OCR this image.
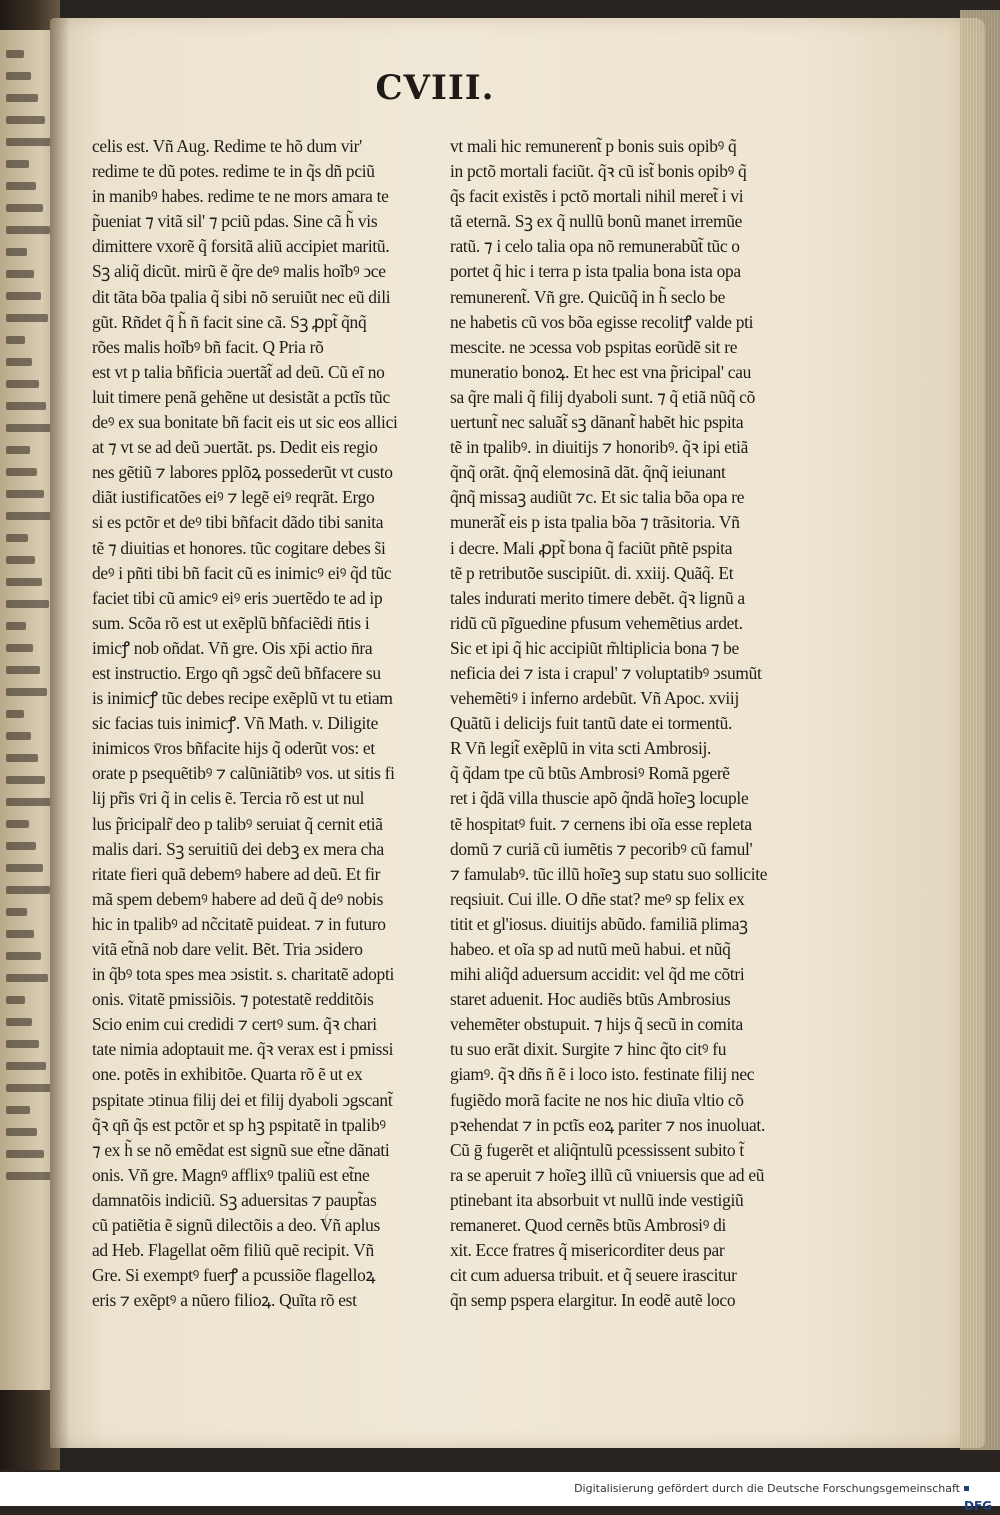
CVIII.
celis est. Vñ Aug. Redime te hõ dum vir'ᷤ
redime te dũ potes. redime te in q̃s dñ pciũ
in manibꝰ habes. redime te ne mors amara te
p̃ueniat ⁊ vitã sil' ⁊ pciũ pdas. Sine cã h̃ vis
dimittere vxorẽ q̃ forsitã aliũ accipiet maritũ.
Sꝫ aliq̃ dicũt. mirũ ẽ q̃re deꝰ malis hoĩbꝰ ↄce
dit tãta bõa tpalia q̃ sibi nõ seruiũt nec eũ dili
gũt. Rñdet q̃ h̃ ñ facit sine cã. Sꝫ ꝓpt̃ q̃nq̃
rões malis hoĩbꝰ bñ facit. Q Pria rõ
est vt p talia bñficia ↄuertãt̃ ad deũ. Cũ eĩ no
luit timere penã gehẽne ut desistãt a pctĩs tũc
deꝰ ex sua bonitate bñ facit eis ut sic eos allici
at ⁊ vt se ad deũ ↄuertãt. ps. Dedit eis regio
nes gẽtiũ ⁊ labores pplõꝝ possederũt vt custo
diãt iustificatões eiꝰ ⁊ legẽ eiꝰ reqrãt. Ergo
si es pctõr et deꝰ tibi bñfacit dãdo tibi sanita
tẽ ⁊ diuitias et honores. tũc cogitare debes s̃i
deꝰ i pñti tibi bñ facit cũ es inimicꝰ eiꝰ q̃d tũc
faciet tibi cũ amicꝰ eiꝰ eris ↄuertẽdo te ad ip
sum. Scõa rõ est ut exẽplũ bñfaciẽdi n̄tis i
imicꝭ nob oñdat. Vñ gre. Ois xp̄i actio n̄ra
est instructio. Ergo qñ ↄgsc̃ deũ bñfacere su
is inimicꝭ tũc debes recipe exẽplũ vt tu etiam
sic facias tuis inimicꝭ. Vñ Math. v. Diligite
inimicos v̄ros bñfacite hijs q̃ oderũt vos: et
orate p psequẽtibꝰ ⁊ calũniãtibꝰ vos. ut sitis fi
lij pr̃is v̄ri q̃ in celis ẽ. Tercia rõ est ut nul
lus p̃ricipalr̃ deo p talibꝰ seruiat q̃ cernit etiã
malis dari. Sꝫ seruitiũ dei debꝫ ex mera cha
ritate fieri quã debemꝰ habere ad deũ. Et fir
mã spem debemꝰ habere ad deũ q̃ deꝰ nobis
hic in tpalibꝰ ad nc̃citatẽ puideat. ⁊ in futuro
vitã et̃nã nob dare velit. Bẽt. Tria ↄsidero
in q̃bꝰ tota spes mea ↄsistit. s. charitatẽ adopti
onis. v̄itatẽ pmissiõis. ⁊ potestatẽ redditõis
Scio enim cui credidi ⁊ certꝰ sum. q̃ꝛ chari
tate nimia adoptauit me. q̃ꝛ verax est i pmissi
one. potẽs in exhibitõe. Quarta rõ ẽ ut ex
pspitate ↄtinua filij dei et filij dyaboli ↄgscant̃
q̃ꝛ qñ q̃s est pctõr et sp hꝫ pspitatẽ in tpalibꝰ
⁊ ex h̃ se nõ emẽdat est signũ sue et̃ne dãnati
onis. Vñ gre. Magnꝰ afflixꝰ tpaliũ est et̃ne
damnatõis indiciũ. Sꝫ aduersitas ⁊ paupt̃as
cũ patiẽtia ẽ signũ dilectõis a deo. Vñ aplus
ad Heb. Flagellat oẽm filiũ quẽ recipit. Vñ
Gre. Si exemptꝰ fuerꝭ a pcussiõe flagelloꝝ
eris ⁊ exẽptꝰ a nũero filioꝝ. Quĩta rõ est
vt mali hic remunerent̃ p bonis suis opibꝰ q̃
in pctõ mortali faciũt. q̃ꝛ cũ ist̃ bonis opibꝰ q̃
q̃s facit existẽs i pctõ mortali nihil meret̃ i vi
tã eternã. Sꝫ ex q̃ nullũ bonũ manet irremũe
ratũ. ⁊ i celo talia opa nõ remunerabũt̃ tũc o
portet q̃ hic i terra p ista tpalia bona ista opa
remunerent̃. Vñ gre. Quicũq̃ in h̃ seclo be
ne habetis cũ vos bõa egisse recolitꝭ valde pti
mescite. ne ↄcessa vob pspitas eorũdẽ sit re
muneratio bonoꝝ. Et hec est vna p̃ricipal' cau
sa q̃re mali q̃ filij dyaboli sunt. ⁊ q̃ etiã nũq̃ cõ
uertunt̃ nec saluãt̃ sꝫ dãnant̃ habẽt hic pspita
tẽ in tpalibꝰ. in diuitijs ⁊ honoribꝰ. q̃ꝛ ipi etiã
q̃nq̃ orãt. q̃nq̃ elemosinã dãt. q̃nq̃ ieiunant
q̃nq̃ missaꝫ audiũt ⁊c. Et sic talia bõa opa re
munerãt̃ eis p ista tpalia bõa ⁊ trãsitoria. Vñ
i decre. Mali ꝓpt̃ bona q̃ faciũt pñtẽ pspita
tẽ p retributõe suscipiũt. di. xxiij. Quãq̃. Et
tales indurati merito timere debẽt. q̃ꝛ lignũ a
ridũ cũ pĩguedine pfusum vehemẽtius ardet.
Sic et ipi q̃ hic accipiũt m̃ltiplicia bona ⁊ be
neficia dei ⁊ ista i crapul' ⁊ voluptatibꝰ ↄsumũt
vehemẽtiꝰ i inferno ardebũt. Vñ Apoc. xviij
Quãtũ i delicijs fuit tantũ date ei tormentũ.
R Vñ legit̃ exẽplũ in vita scti Ambrosij.
q̃ q̃dam tpe cũ btũs Ambrosiꝰ Romã pgerẽ
ret i q̃dã villa thuscie apõ q̃ndã hoĩeꝫ locuple
tẽ hospitatꝰ fuit. ⁊ cernens ibi oĩa esse repleta
domũ ⁊ curiã cũ iumẽtis ⁊ pecoribꝰ cũ famul'
⁊ famulabꝰ. tũc illũ hoĩeꝫ sup statu suo sollicite
reqsiuit. Cui ille. O dñe stat? meꝰ sp felix ex
titit et gl'iosus. diuitijs abũdo. familiã plimaꝫ
habeo. et oĩa sp ad nutũ meũ habui. et nũq̃
mihi aliq̃d aduersum accidit: vel q̃d me cõtri
staret aduenit. Hoc audiẽs btũs Ambrosius
vehemẽter obstupuit. ⁊ hijs q̃ secũ in comita
tu suo erãt dixit. Surgite ⁊ hinc q̃to citꝰ fu
giamꝰ. q̃ꝛ dñs ñ ẽ i loco isto. festinate filij nec
fugiẽdo morã facite ne nos hic diuĩa vltio cõ
pꝛehendat ⁊ in pctĩs eoꝝ pariter ⁊ nos inuoluat.
Cũ ḡ fugerẽt et aliq̃ntulũ pcessissent subito t̃
ra se aperuit ⁊ hoĩeꝫ illũ cũ vniuersis que ad eũ
ptinebant ita absorbuit vt nullũ inde vestigiũ
remaneret. Quod cernẽs btũs Ambrosiꝰ di
xit. Ecce fratres q̃ misericorditer deus par
cit cum aduersa tribuit. et q̃ seuere irascitur
q̃n semp pspera elargitur. In eodẽ autẽ loco
Digitalisierung gefördert durch die Deutsche Forschungsgemeinschaft
DFG
